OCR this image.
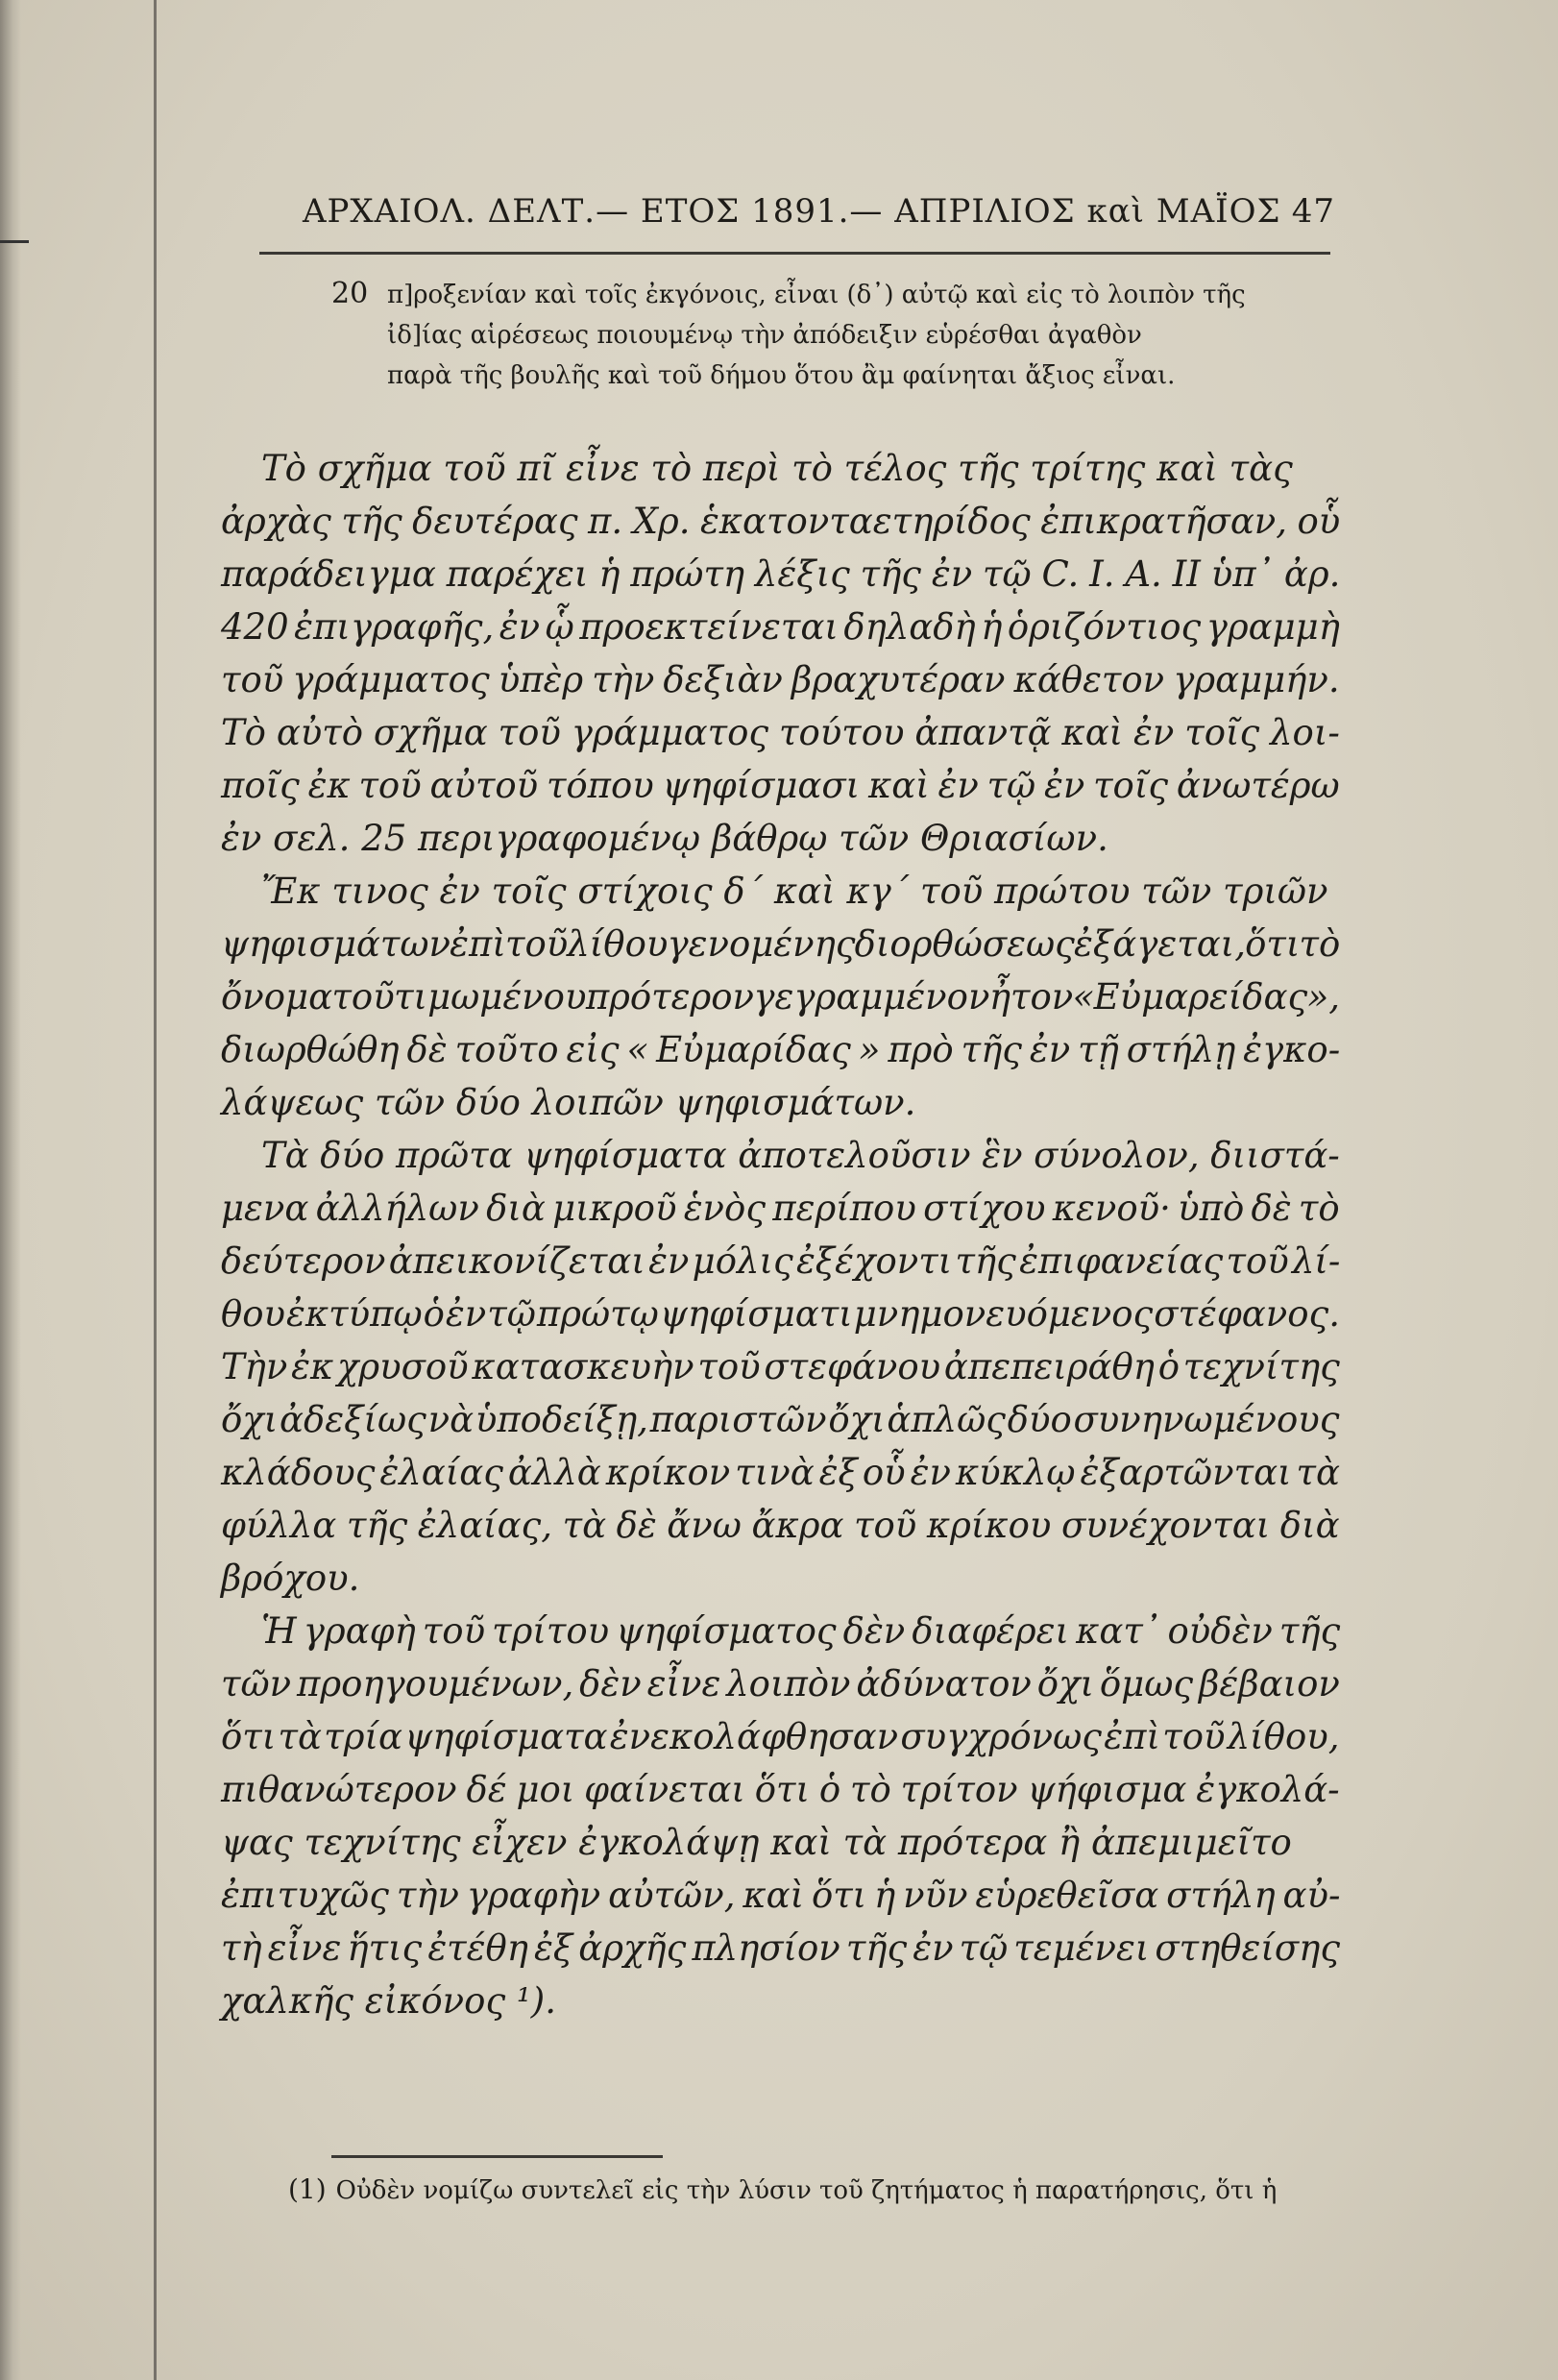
ΑΡΧΑΙΟΛ. ΔΕΛΤ.— ΕΤΟΣ 1891.— ΑΠΡΙΛΙΟΣ καὶ ΜΑΪΟΣ 47
20 π]ροξενίαν καὶ τοῖς ἐκγόνοις, εἶναι (δ᾽) αὐτῷ καὶ εἰς τὸ λοιπὸν τῆς
ἰδ]ίας αἱρέσεως ποιουμένῳ τὴν ἀπόδειξιν εὑρέσθαι ἀγαθὸν
παρὰ τῆς βουλῆς καὶ τοῦ δήμου ὅτου ἂμ φαίνηται ἄξιος εἶναι.
Τὸ σχῆμα τοῦ πῖ εἶνε τὸ περὶ τὸ τέλος τῆς τρίτης καὶ τὰς
ἀρχὰς τῆς δευτέρας π. Χρ. ἑκατονταετηρίδος ἐπικρατῆσαν, οὗ
παράδειγμα παρέχει ἡ πρώτη λέξις τῆς ἐν τῷ C. I. A. II ὑπ᾽ ἀρ.
420 ἐπιγραφῆς, ἐν ᾧ προεκτείνεται δηλαδὴ ἡ ὁριζόντιος γραμμὴ
τοῦ γράμματος ὑπὲρ τὴν δεξιὰν βραχυτέραν κάθετον γραμμήν.
Τὸ αὐτὸ σχῆμα τοῦ γράμματος τούτου ἀπαντᾷ καὶ ἐν τοῖς λοι-
ποῖς ἐκ τοῦ αὐτοῦ τόπου ψηφίσμασι καὶ ἐν τῷ ἐν τοῖς ἀνωτέρω
ἐν σελ. 25 περιγραφομένῳ βάθρῳ τῶν Θριασίων.
Ἔκ τινος ἐν τοῖς στίχοις δ´ καὶ κγ´ τοῦ πρώτου τῶν τριῶν
ψηφισμάτων ἐπὶ τοῦ λίθου γενομένης διορθώσεως ἐξάγεται, ὅτι τὸ
ὄνομα τοῦ τιμωμένου πρότερον γεγραμμένον ἦτον « Εὐμαρείδας »,
διωρθώθη δὲ τοῦτο εἰς « Εὐμαρίδας » πρὸ τῆς ἐν τῇ στήλῃ ἐγκο-
λάψεως τῶν δύο λοιπῶν ψηφισμάτων.
Τὰ δύο πρῶτα ψηφίσματα ἀποτελοῦσιν ἓν σύνολον, διιστά-
μενα ἀλλήλων διὰ μικροῦ ἑνὸς περίπου στίχου κενοῦ· ὑπὸ δὲ τὸ
δεύτερον ἀπεικονίζεται ἐν μόλις ἐξέχοντι τῆς ἐπιφανείας τοῦ λί-
θου ἐκτύπῳ ὁ ἐν τῷ πρώτῳ ψηφίσματι μνημονευόμενος στέφανος.
Τὴν ἐκ χρυσοῦ κατασκευὴν τοῦ στεφάνου ἀπεπειράθη ὁ τεχνίτης
ὄχι ἀδεξίως νὰ ὑποδείξῃ, παριστῶν ὄχι ἁπλῶς δύο συνηνωμένους
κλάδους ἐλαίας ἀλλὰ κρίκον τινὰ ἐξ οὗ ἐν κύκλῳ ἐξαρτῶνται τὰ
φύλλα τῆς ἐλαίας, τὰ δὲ ἄνω ἄκρα τοῦ κρίκου συνέχονται διὰ
βρόχου.
Ἡ γραφὴ τοῦ τρίτου ψηφίσματος δὲν διαφέρει κατ᾽ οὐδὲν τῆς
τῶν προηγουμένων, δὲν εἶνε λοιπὸν ἀδύνατον ὄχι ὅμως βέβαιον
ὅτι τὰ τρία ψηφίσματα ἐνεκολάφθησαν συγχρόνως ἐπὶ τοῦ λίθου,
πιθανώτερον δέ μοι φαίνεται ὅτι ὁ τὸ τρίτον ψήφισμα ἐγκολά-
ψας τεχνίτης εἶχεν ἐγκολάψῃ καὶ τὰ πρότερα ἢ ἀπεμιμεῖτο
ἐπιτυχῶς τὴν γραφὴν αὐτῶν, καὶ ὅτι ἡ νῦν εὑρεθεῖσα στήλη αὐ-
τὴ εἶνε ἥτις ἐτέθη ἐξ ἀρχῆς πλησίον τῆς ἐν τῷ τεμένει στηθείσης
χαλκῆς εἰκόνος ¹).
(1) Οὐδὲν νομίζω συντελεῖ εἰς τὴν λύσιν τοῦ ζητήματος ἡ παρατήρησις, ὅτι ἡ
